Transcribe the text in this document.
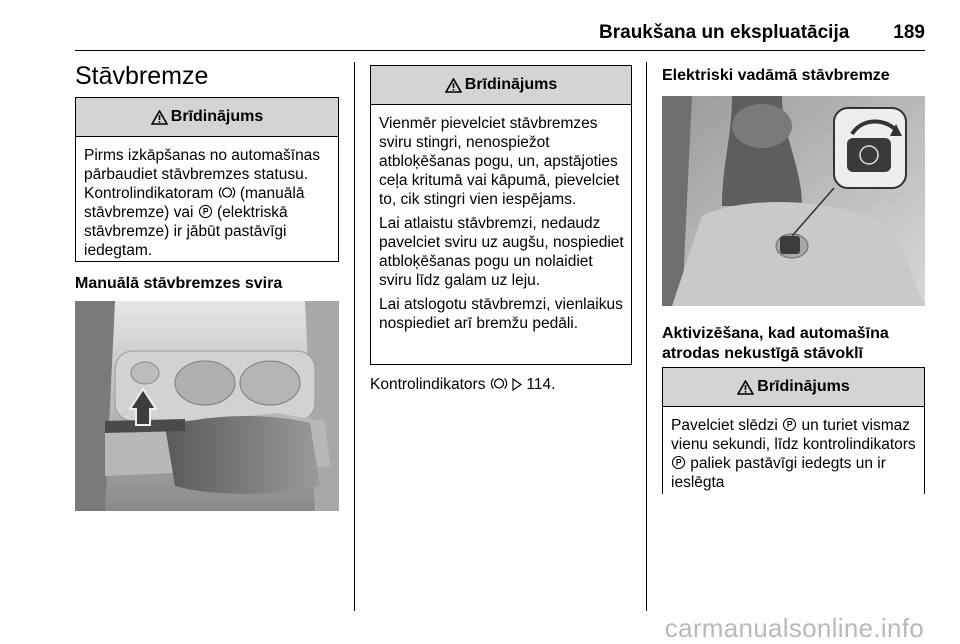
Braukšana un ekspluatācija 189
Stāvbremze
Brīdinājums
Pirms izkāpšanas no automašīnas pārbaudiet stāvbremzes statusu. Kontrolindikatoram  (manuālā stāvbremze) vai  (elektriskā stāvbremze) ir jābūt pastāvīgi iedegtam.
Manuālā stāvbremzes svira
Brīdinājums

Vienmēr pievelciet stāvbremzes sviru stingri, nenospiežot atbloķēšanas pogu, un, apstājoties ceļa kritumā vai kāpumā, pievelciet to, cik stingri vien iespējams.

Lai atlaistu stāvbremzi, nedaudz pavelciet sviru uz augšu, nospiediet atbloķēšanas pogu un nolaidiet sviru līdz galam uz leju.

Lai atslogotu stāvbremzi, vienlaikus nospiediet arī bremžu pedāli.

Kontrolindikators   114.
Elektriski vadāmā stāvbremze
Aktivizēšana, kad automašīna atrodas nekustīgā stāvoklī
Brīdinājums
Pavelciet slēdzi  un turiet vismaz vienu sekundi, līdz kontrolindikators  paliek pastāvīgi iedegts un ir ieslēgta
carmanualsonline.info
